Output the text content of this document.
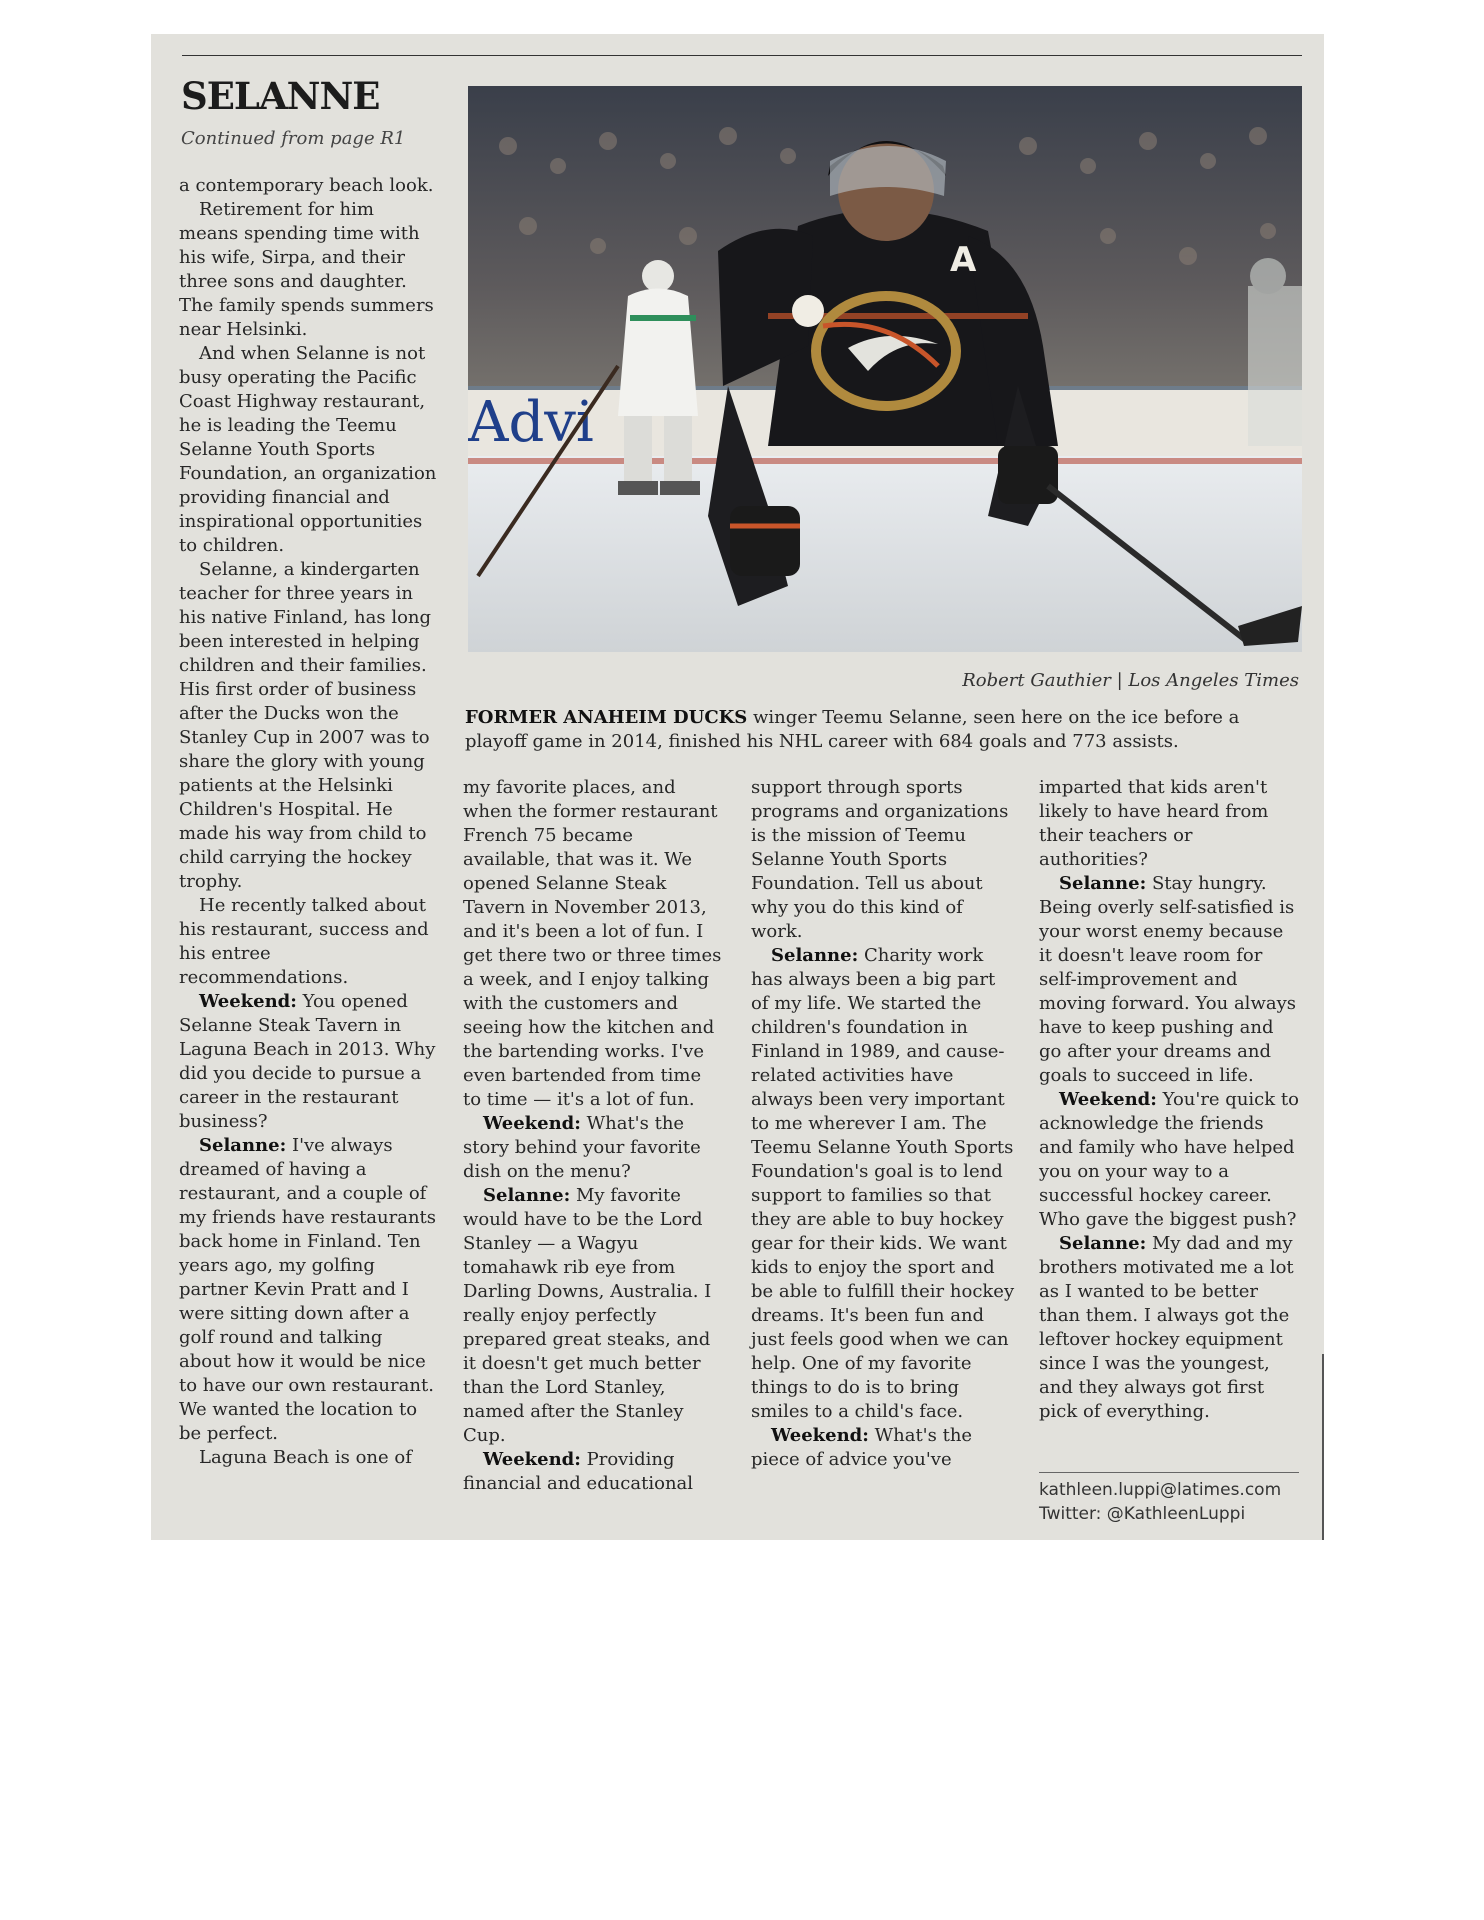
SELANNE
Continued from page R1

a contemporary beach look.

Retirement for him means spending time with his wife, Sirpa, and their three sons and daughter. The family spends summers near Helsinki.

And when Selanne is not busy operating the Pacific Coast Highway restaurant, he is leading the Teemu Selanne Youth Sports Foundation, an organization providing financial and inspirational opportunities to children.

Selanne, a kindergarten teacher for three years in his native Finland, has long been interested in helping children and their families. His first order of business after the Ducks won the Stanley Cup in 2007 was to share the glory with young patients at the Helsinki Children's Hospital. He made his way from child to child carrying the hockey trophy.

He recently talked about his restaurant, success and his entree recommendations.

Weekend: You opened Selanne Steak Tavern in Laguna Beach in 2013. Why did you decide to pursue a career in the restaurant business?

Selanne: I've always dreamed of having a restaurant, and a couple of my friends have restaurants back home in Finland. Ten years ago, my golfing partner Kevin Pratt and I were sitting down after a golf round and talking about how it would be nice to have our own restaurant. We wanted the location to be perfect.

Laguna Beach is one of

Advi
A
Robert Gauthier | Los Angeles Times
FORMER ANAHEIM DUCKS winger Teemu Selanne, seen here on the ice before a playoff game in 2014, finished his NHL career with 684 goals and 773 assists.

my favorite places, and when the former restaurant French 75 became available, that was it. We opened Selanne Steak Tavern in November 2013, and it's been a lot of fun. I get there two or three times a week, and I enjoy talking with the customers and seeing how the kitchen and the bartending works. I've even bartended from time to time — it's a lot of fun.

Weekend: What's the story behind your favorite dish on the menu?

Selanne: My favorite would have to be the Lord Stanley — a Wagyu tomahawk rib eye from Darling Downs, Australia. I really enjoy perfectly prepared great steaks, and it doesn't get much better than the Lord Stanley, named after the Stanley Cup.

Weekend: Providing financial and educational

support through sports programs and organizations is the mission of Teemu Selanne Youth Sports Foundation. Tell us about why you do this kind of work.

Selanne: Charity work has always been a big part of my life. We started the children's foundation in Finland in 1989, and cause-related activities have always been very important to me wherever I am. The Teemu Selanne Youth Sports Foundation's goal is to lend support to families so that they are able to buy hockey gear for their kids. We want kids to enjoy the sport and be able to fulfill their hockey dreams. It's been fun and just feels good when we can help. One of my favorite things to do is to bring smiles to a child's face.

Weekend: What's the piece of advice you've

imparted that kids aren't likely to have heard from their teachers or authorities?

Selanne: Stay hungry. Being overly self-satisfied is your worst enemy because it doesn't leave room for self-improvement and moving forward. You always have to keep pushing and go after your dreams and goals to succeed in life.

Weekend: You're quick to acknowledge the friends and family who have helped you on your way to a successful hockey career. Who gave the biggest push?

Selanne: My dad and my brothers motivated me a lot as I wanted to be better than them. I always got the leftover hockey equipment since I was the youngest, and they always got first pick of everything.

kathleen.luppi@latimes.com
Twitter: @KathleenLuppi
